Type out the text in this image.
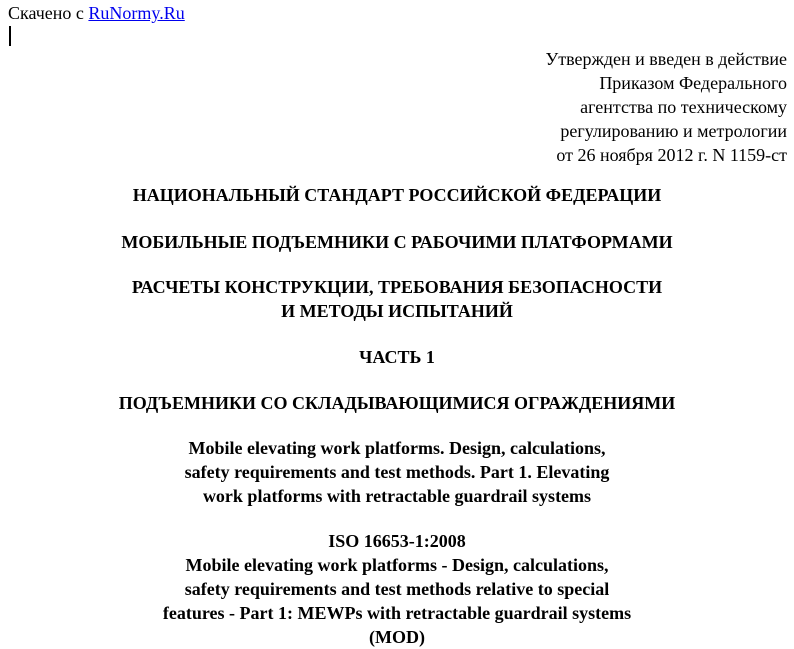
Скачено с RuNormy.Ru
Утвержден и введен в действие
Приказом Федерального
агентства по техническому
регулированию и метрологии
от 26 ноября 2012 г. N 1159-ст
НАЦИОНАЛЬНЫЙ СТАНДАРТ РОССИЙСКОЙ ФЕДЕРАЦИИ
МОБИЛЬНЫЕ ПОДЪЕМНИКИ С РАБОЧИМИ ПЛАТФОРМАМИ
РАСЧЕТЫ КОНСТРУКЦИИ, ТРЕБОВАНИЯ БЕЗОПАСНОСТИ
И МЕТОДЫ ИСПЫТАНИЙ
ЧАСТЬ 1
ПОДЪЕМНИКИ СО СКЛАДЫВАЮЩИМИСЯ ОГРАЖДЕНИЯМИ
Mobile elevating work platforms. Design, calculations,
safety requirements and test methods. Part 1. Elevating
work platforms with retractable guardrail systems
ISO 16653-1:2008
Mobile elevating work platforms - Design, calculations,
safety requirements and test methods relative to special
features - Part 1: MEWPs with retractable guardrail systems
(MOD)
